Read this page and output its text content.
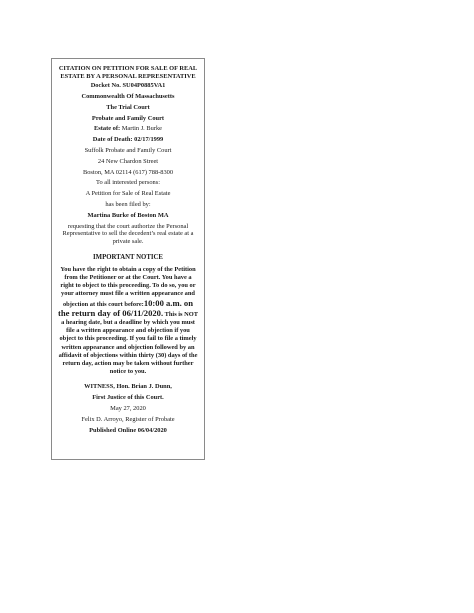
CITATION ON PETITION FOR SALE OF REAL ESTATE BY A PERSONAL REPRESENTATIVE
Docket No. SU04P0885VA1
Commonwealth Of Massachusetts
The Trial Court
Probate and Family Court
Estate of: Martin J. Burke
Date of Death: 02/17/1999
Suffolk Probate and Family Court
24 New Chardon Street
Boston, MA 02114 (617) 788-8300
To all interested persons:
A Petition for Sale of Real Estate
has been filed by:
Martina Burke of Boston MA
requesting that the court authorize the Personal Representative to sell the decedent’s real estate at a private sale.
IMPORTANT NOTICE

You have the right to obtain a copy of the Petition from the Petitioner or at the Court. You have a right to object to this proceeding. To do so, you or your attorney must file a written appearance and objection at this court before:10:00 a.m. on the return day of 06/11/2020. This is NOT a hearing date, but a deadline by which you must file a written appearance and objection if you object to this proceeding. If you fail to file a timely written appearance and objection followed by an affidavit of objections within thirty (30) days of the return day, action may be taken without further notice to you.

WITNESS, Hon. Brian J. Dunn,
First Justice of this Court.
May 27, 2020
Felix D. Arroyo, Register of Probate
Published Online 06/04/2020
